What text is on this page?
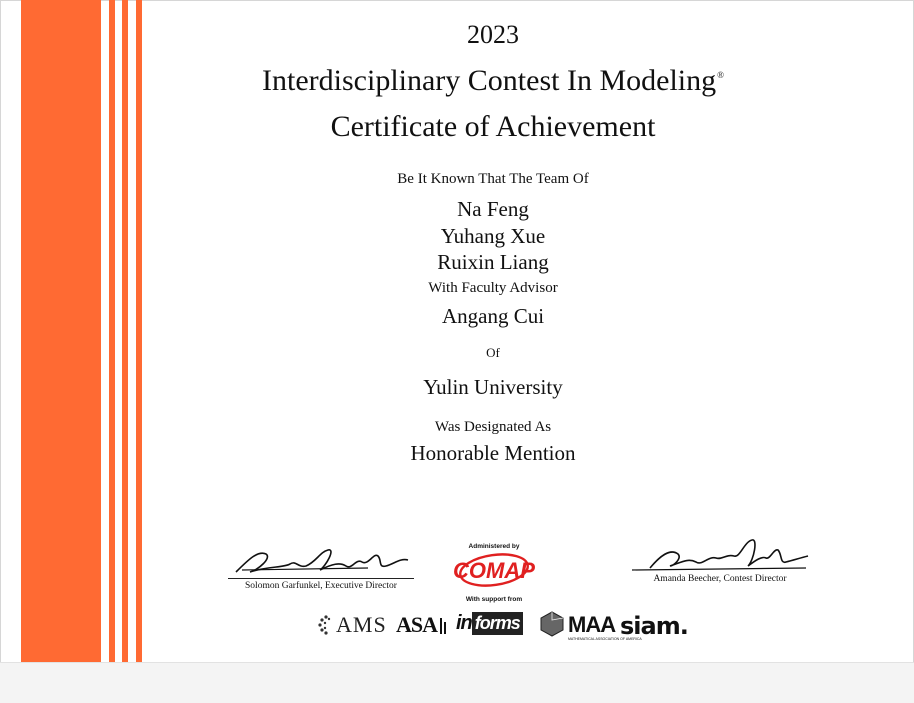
2023
Interdisciplinary Contest In Modeling®
Certificate of Achievement
Be It Known That The Team Of
Na Feng
Yuhang Xue
Ruixin Liang
With Faculty Advisor
Angang Cui
Of
Yulin University
Was Designated As
Honorable Mention
Solomon Garfunkel, Executive Director
Administered by
COMAP
With support from
Amanda Beecher, Contest Director
AMS ASA	in forms MAA
MATHEMATICAL ASSOCIATION OF AMERICA
siam.
